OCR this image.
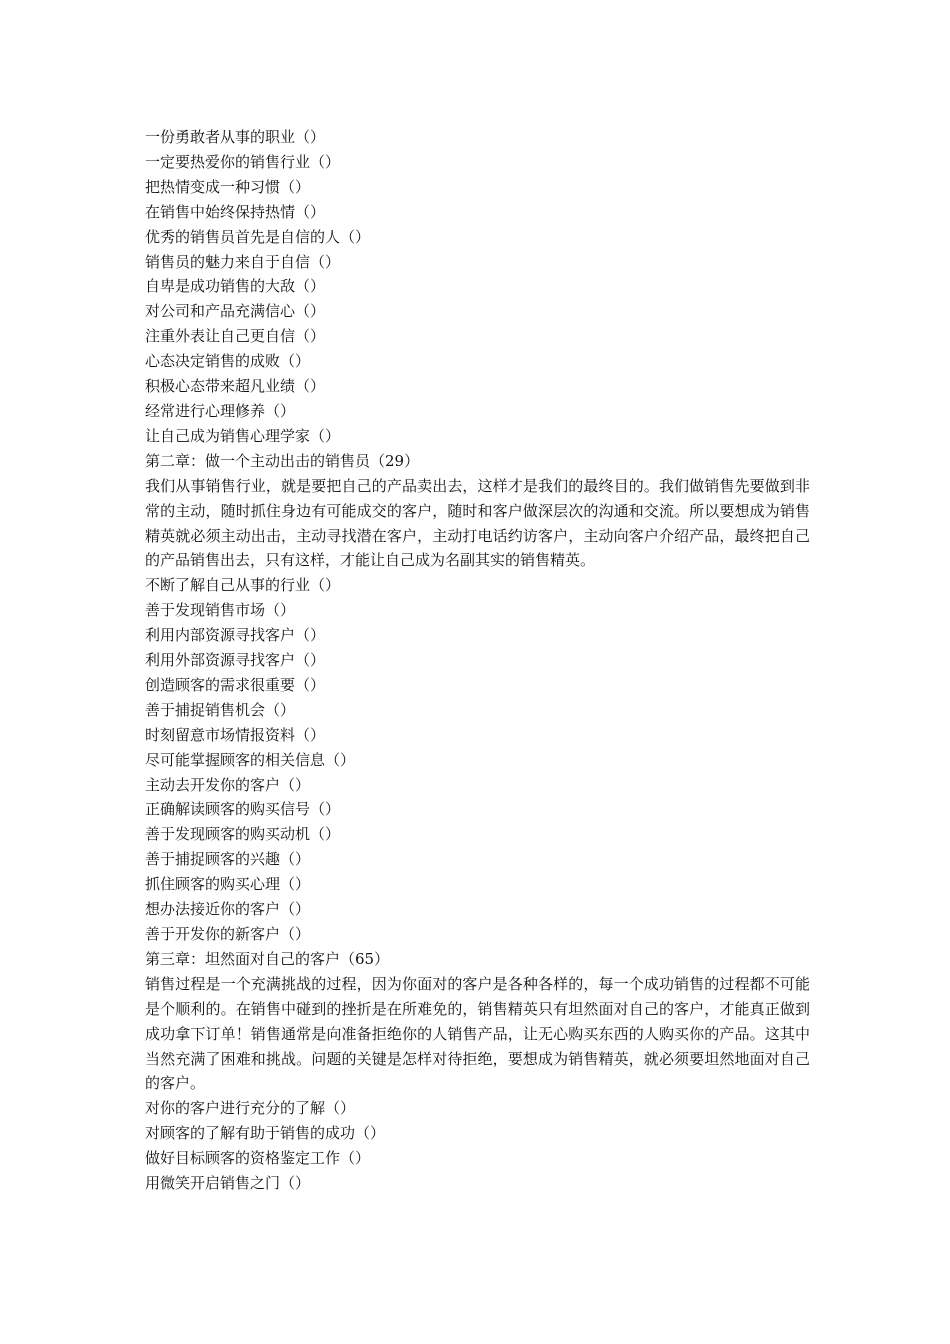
一份勇敢者从事的职业（）
一定要热爱你的销售行业（）
把热情变成一种习惯（）
在销售中始终保持热情（）
优秀的销售员首先是自信的人（）
销售员的魅力来自于自信（）
自卑是成功销售的大敌（）
对公司和产品充满信心（）
注重外表让自己更自信（）
心态决定销售的成败（）
积极心态带来超凡业绩（）
经常进行心理修养（）
让自己成为销售心理学家（）
第二章：做一个主动出击的销售员（29）
我们从事销售行业，就是要把自己的产品卖出去，这样才是我们的最终目的。我们做销售先要做到非常的主动，随时抓住身边有可能成交的客户，随时和客户做深层次的沟通和交流。所以要想成为销售精英就必须主动出击，主动寻找潜在客户，主动打电话约访客户，主动向客户介绍产品，最终把自己的产品销售出去，只有这样，才能让自己成为名副其实的销售精英。
不断了解自己从事的行业（）
善于发现销售市场（）
利用内部资源寻找客户（）
利用外部资源寻找客户（）
创造顾客的需求很重要（）
善于捕捉销售机会（）
时刻留意市场情报资料（）
尽可能掌握顾客的相关信息（）
主动去开发你的客户（）
正确解读顾客的购买信号（）
善于发现顾客的购买动机（）
善于捕捉顾客的兴趣（）
抓住顾客的购买心理（）
想办法接近你的客户（）
善于开发你的新客户（）
第三章：坦然面对自己的客户（65）
销售过程是一个充满挑战的过程，因为你面对的客户是各种各样的，每一个成功销售的过程都不可能是个顺利的。在销售中碰到的挫折是在所难免的，销售精英只有坦然面对自己的客户，才能真正做到成功拿下订单！销售通常是向准备拒绝你的人销售产品，让无心购买东西的人购买你的产品。这其中当然充满了困难和挑战。问题的关键是怎样对待拒绝，要想成为销售精英，就必须要坦然地面对自己的客户。
对你的客户进行充分的了解（）
对顾客的了解有助于销售的成功（）
做好目标顾客的资格鉴定工作（）
用微笑开启销售之门（）
